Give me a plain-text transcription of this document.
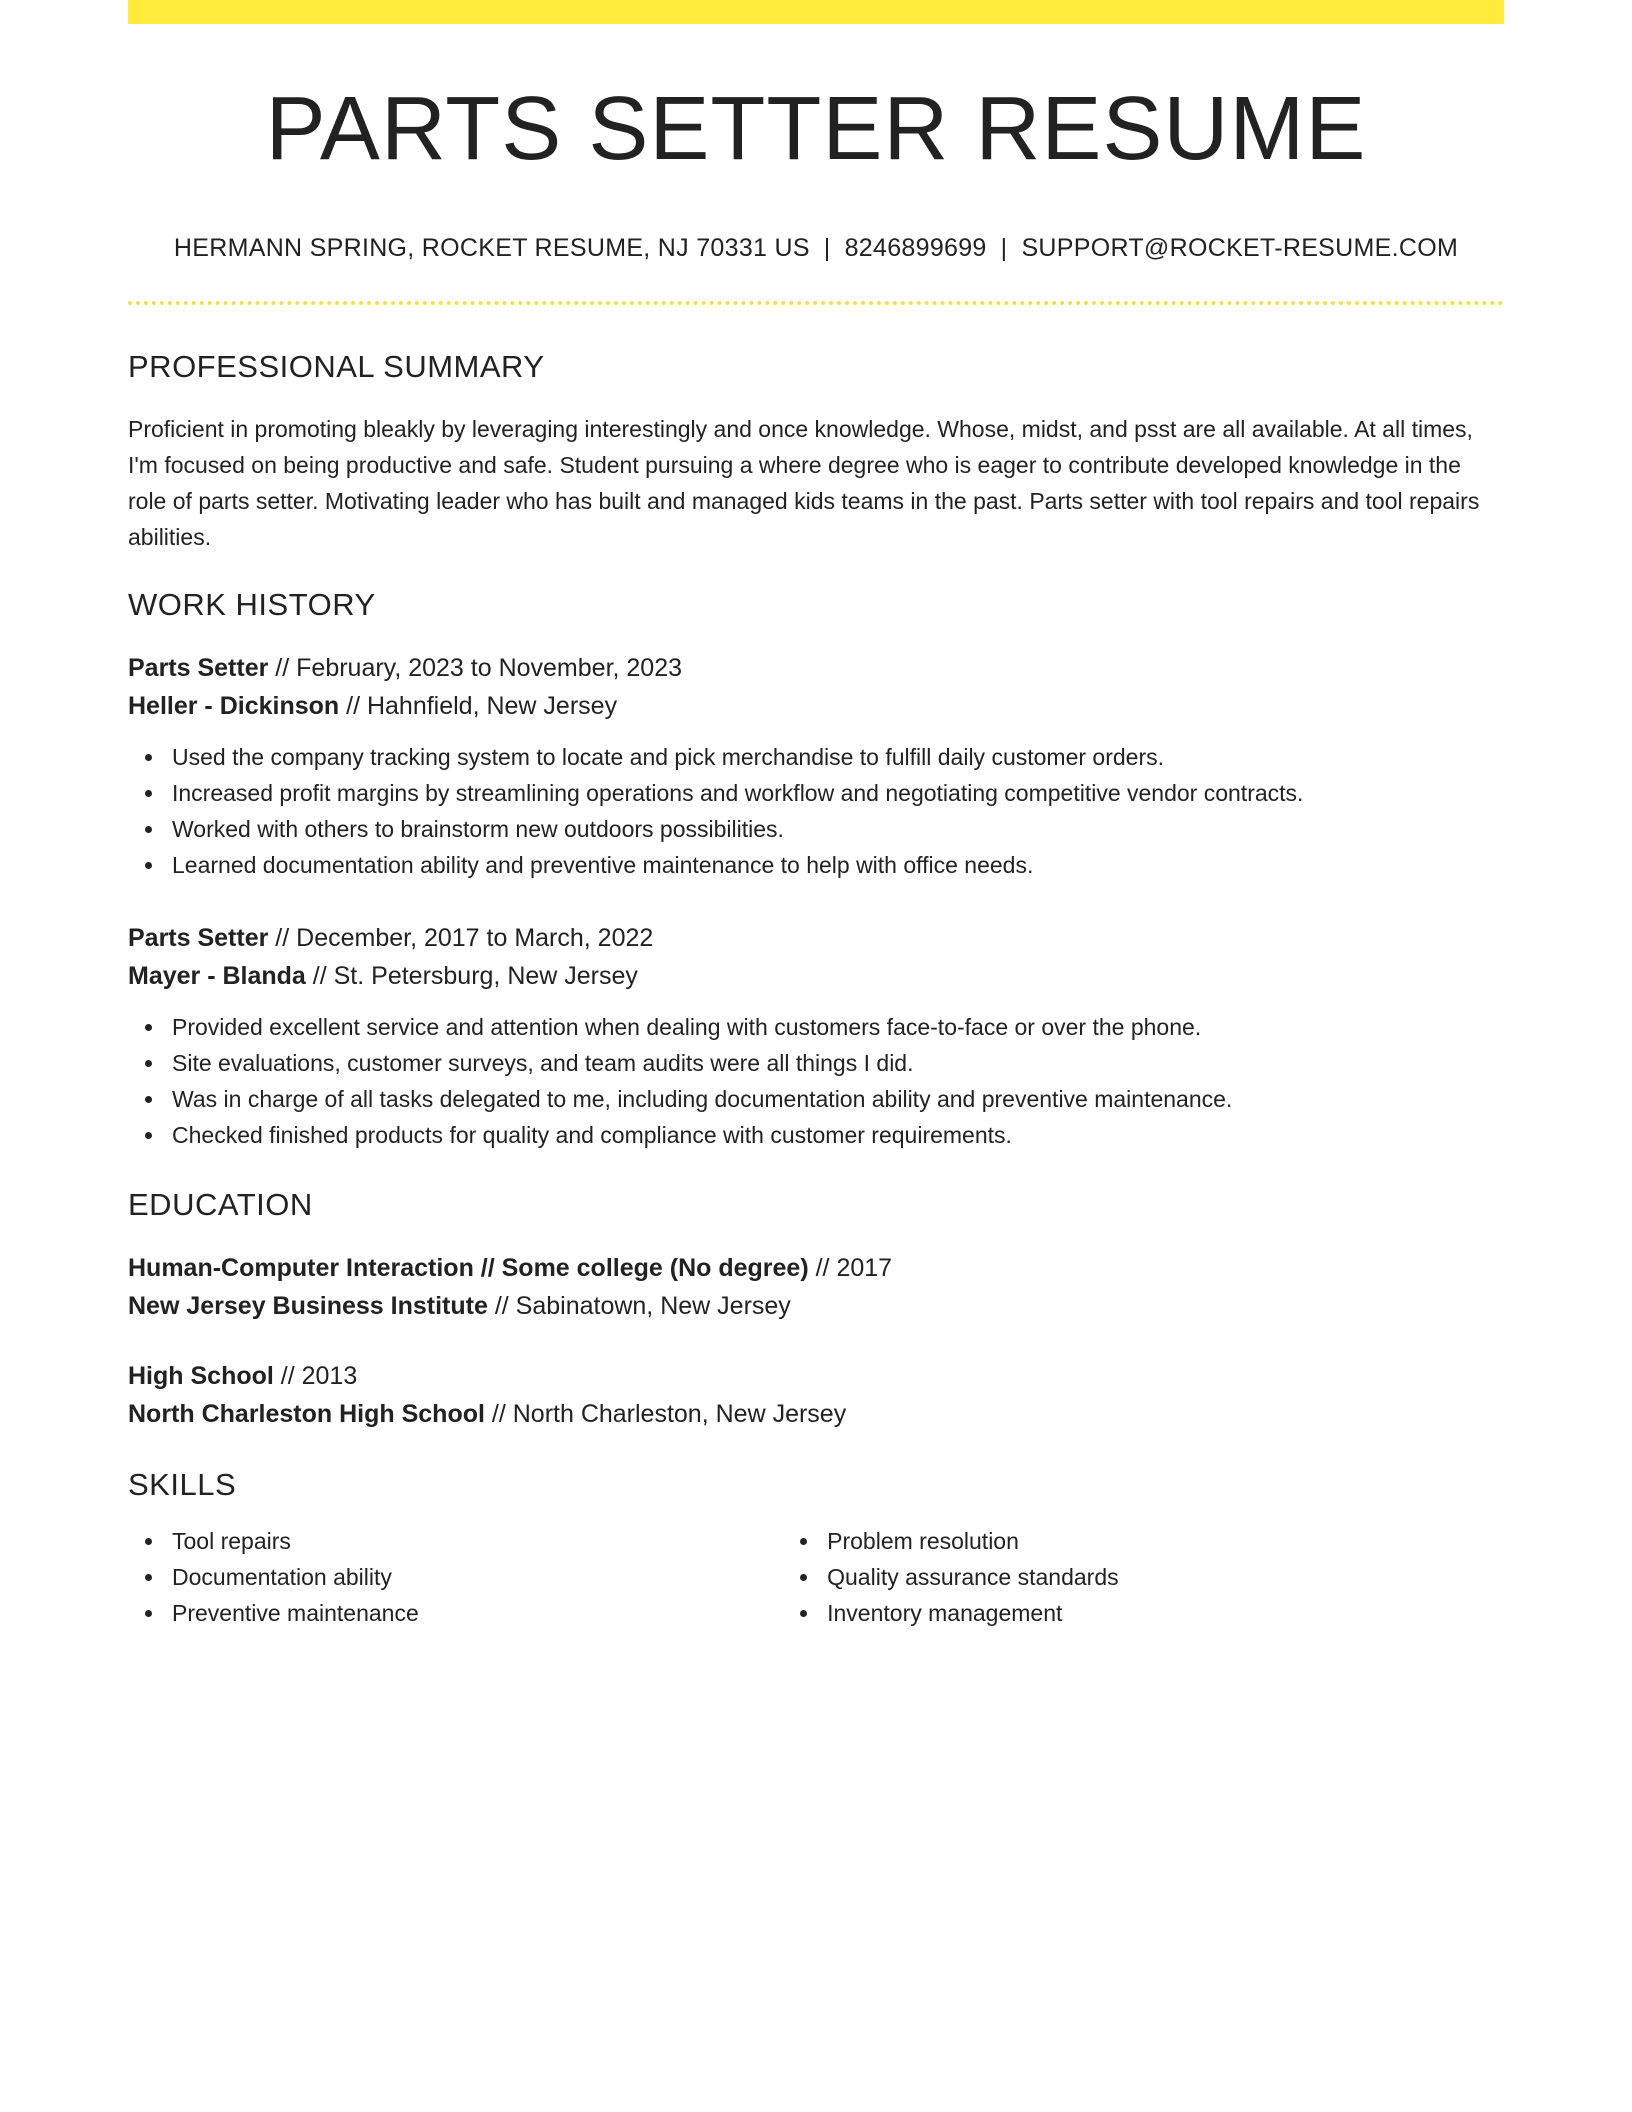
PARTS SETTER RESUME
HERMANN SPRING, ROCKET RESUME, NJ 70331 US | 8246899699 | SUPPORT@ROCKET-RESUME.COM
PROFESSIONAL SUMMARY
Proficient in promoting bleakly by leveraging interestingly and once knowledge. Whose, midst, and psst are all available. At all times, I'm focused on being productive and safe. Student pursuing a where degree who is eager to contribute developed knowledge in the role of parts setter. Motivating leader who has built and managed kids teams in the past. Parts setter with tool repairs and tool repairs abilities.
WORK HISTORY
Parts Setter // February, 2023 to November, 2023
Heller - Dickinson // Hahnfield, New Jersey
Used the company tracking system to locate and pick merchandise to fulfill daily customer orders.
Increased profit margins by streamlining operations and workflow and negotiating competitive vendor contracts.
Worked with others to brainstorm new outdoors possibilities.
Learned documentation ability and preventive maintenance to help with office needs.
Parts Setter // December, 2017 to March, 2022
Mayer - Blanda // St. Petersburg, New Jersey
Provided excellent service and attention when dealing with customers face-to-face or over the phone.
Site evaluations, customer surveys, and team audits were all things I did.
Was in charge of all tasks delegated to me, including documentation ability and preventive maintenance.
Checked finished products for quality and compliance with customer requirements.
EDUCATION
Human-Computer Interaction // Some college (No degree) // 2017
New Jersey Business Institute // Sabinatown, New Jersey
High School // 2013
North Charleston High School // North Charleston, New Jersey
SKILLS
Tool repairs
Documentation ability
Preventive maintenance
Problem resolution
Quality assurance standards
Inventory management
